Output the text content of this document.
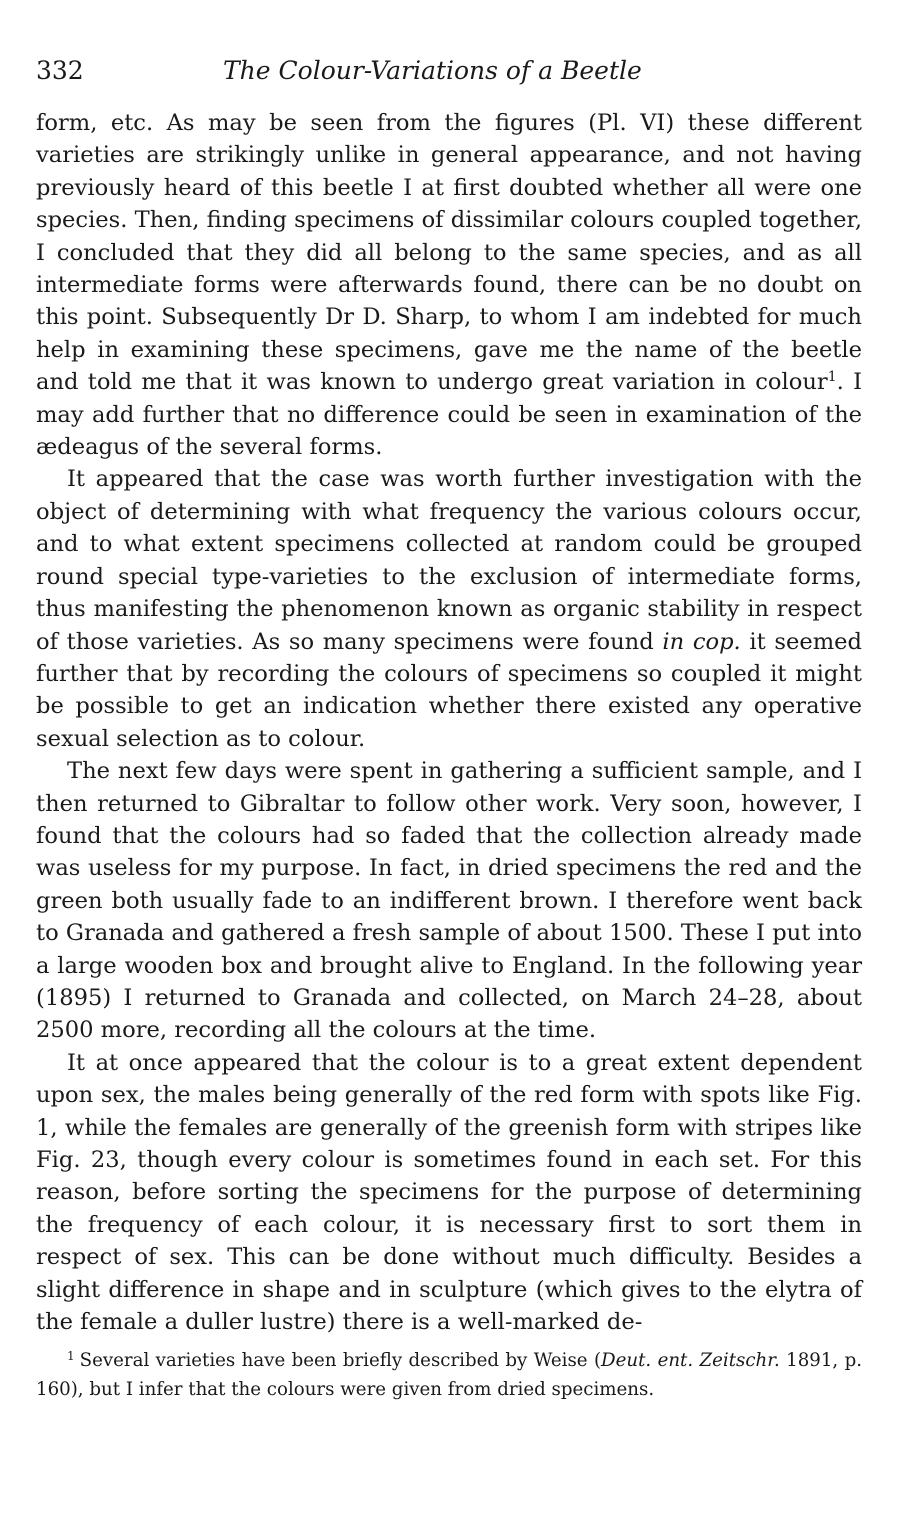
332	The Colour-Variations of a Beetle

form, etc. As may be seen from the figures (Pl. VI) these different varieties are strikingly unlike in general appearance, and not having previously heard of this beetle I at first doubted whether all were one species. Then, finding specimens of dissimilar colours coupled together, I concluded that they did all belong to the same species, and as all intermediate forms were afterwards found, there can be no doubt on this point. Subsequently Dr D. Sharp, to whom I am indebted for much help in examining these specimens, gave me the name of the beetle and told me that it was known to undergo great variation in colour$^1$. I may add further that no difference could be seen in examination of the ædeagus of the several forms.

It appeared that the case was worth further investigation with the object of determining with what frequency the various colours occur, and to what extent specimens collected at random could be grouped round special type-varieties to the exclusion of intermediate forms, thus manifesting the phenomenon known as organic stability in respect of those varieties. As so many specimens were found in cop. it seemed further that by recording the colours of specimens so coupled it might be possible to get an indication whether there existed any operative sexual selection as to colour.

The next few days were spent in gathering a sufficient sample, and I then returned to Gibraltar to follow other work. Very soon, however, I found that the colours had so faded that the collection already made was useless for my purpose. In fact, in dried specimens the red and the green both usually fade to an indifferent brown. I therefore went back to Granada and gathered a fresh sample of about 1500. These I put into a large wooden box and brought alive to England. In the following year (1895) I returned to Granada and collected, on March 24–28, about 2500 more, recording all the colours at the time.

It at once appeared that the colour is to a great extent dependent upon sex, the males being generally of the red form with spots like Fig. 1, while the females are generally of the greenish form with stripes like Fig. 23, though every colour is sometimes found in each set. For this reason, before sorting the specimens for the purpose of determining the frequency of each colour, it is necessary first to sort them in respect of sex. This can be done without much difficulty. Besides a slight difference in shape and in sculpture (which gives to the elytra of the female a duller lustre) there is a well-marked de-

$^1$ Several varieties have been briefly described by Weise (Deut. ent. Zeitschr. 1891, p. 160), but I infer that the colours were given from dried specimens.
